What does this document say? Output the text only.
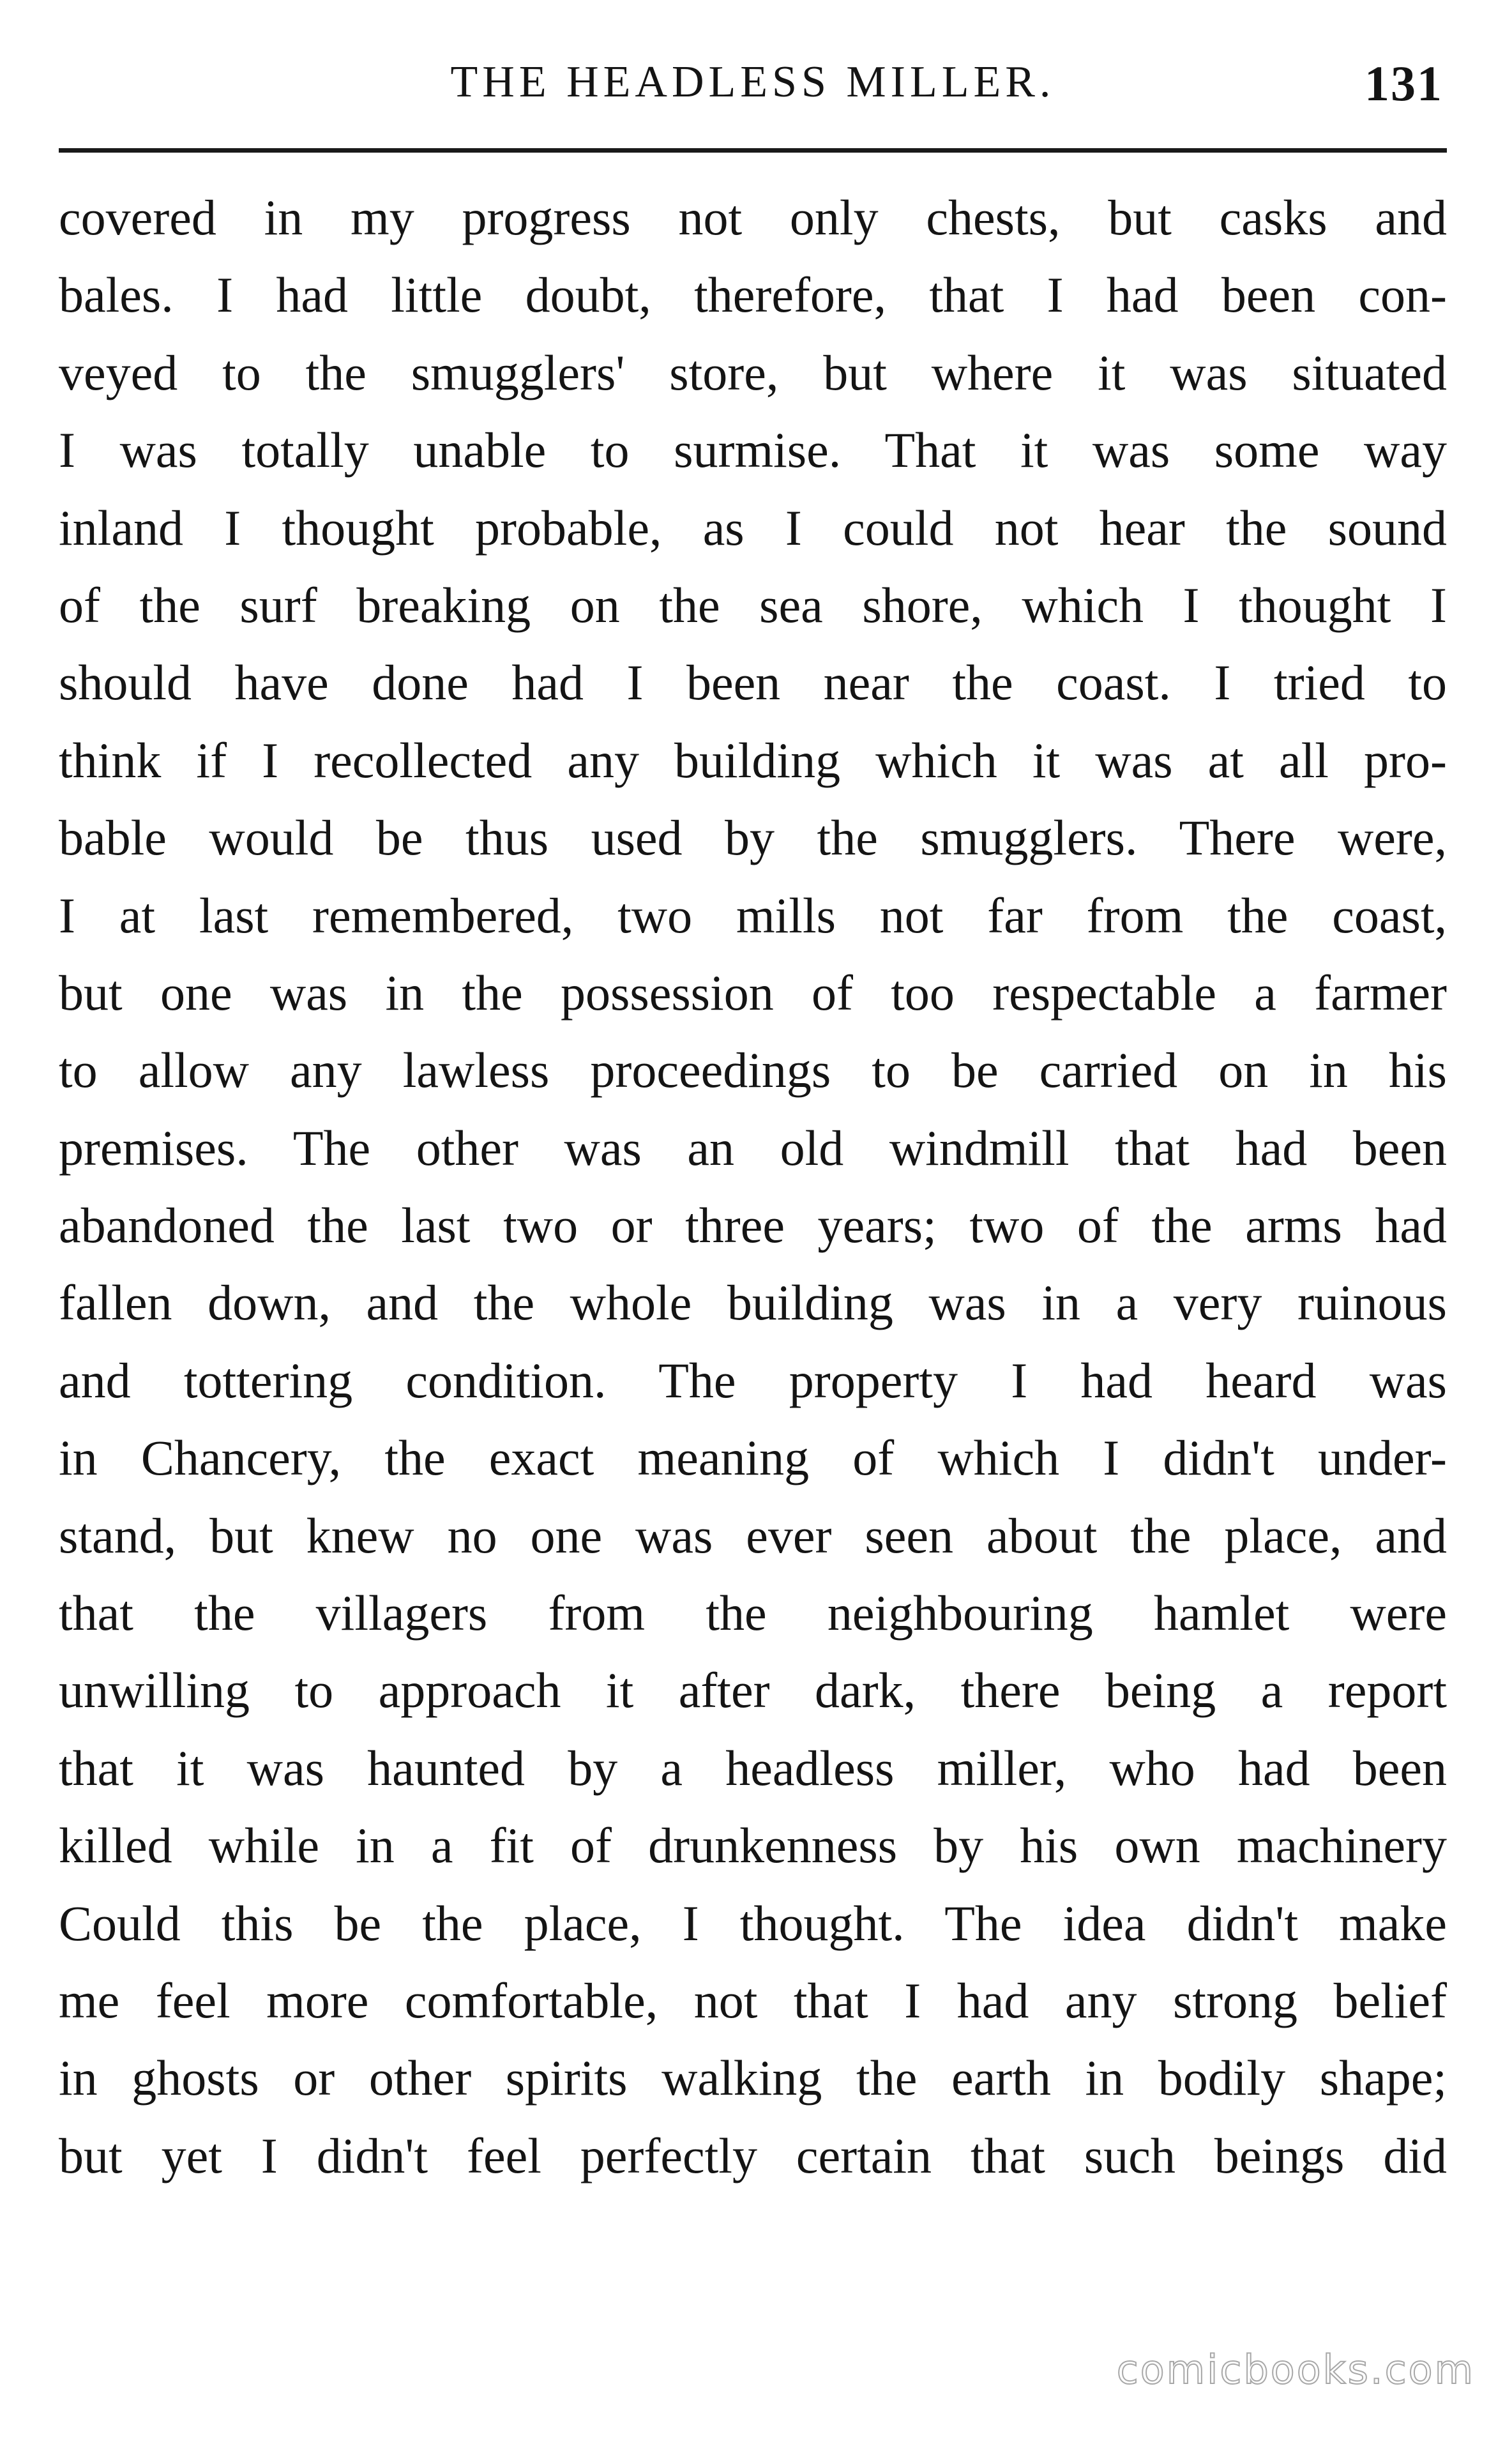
THE HEADLESS MILLER.	131
covered in my progress not only chests, but casks and
bales. I had little doubt, therefore, that I had been con-
veyed to the smugglers' store, but where it was situated
I was totally unable to surmise. That it was some way
inland I thought probable, as I could not hear the sound
of the surf breaking on the sea shore, which I thought I
should have done had I been near the coast. I tried to
think if I recollected any building which it was at all pro-
bable would be thus used by the smugglers. There were,
I at last remembered, two mills not far from the coast,
but one was in the possession of too respectable a farmer
to allow any lawless proceedings to be carried on in his
premises. The other was an old windmill that had been
abandoned the last two or three years; two of the arms had
fallen down, and the whole building was in a very ruinous
and tottering condition. The property I had heard was
in Chancery, the exact meaning of which I didn't under-
stand, but knew no one was ever seen about the place, and
that the villagers from the neighbouring hamlet were
unwilling to approach it after dark, there being a report
that it was haunted by a headless miller, who had been
killed while in a fit of drunkenness by his own machinery
Could this be the place, I thought. The idea didn't make
me feel more comfortable, not that I had any strong belief
in ghosts or other spirits walking the earth in bodily shape;
but yet I didn't feel perfectly certain that such beings did
comicbooks.com
